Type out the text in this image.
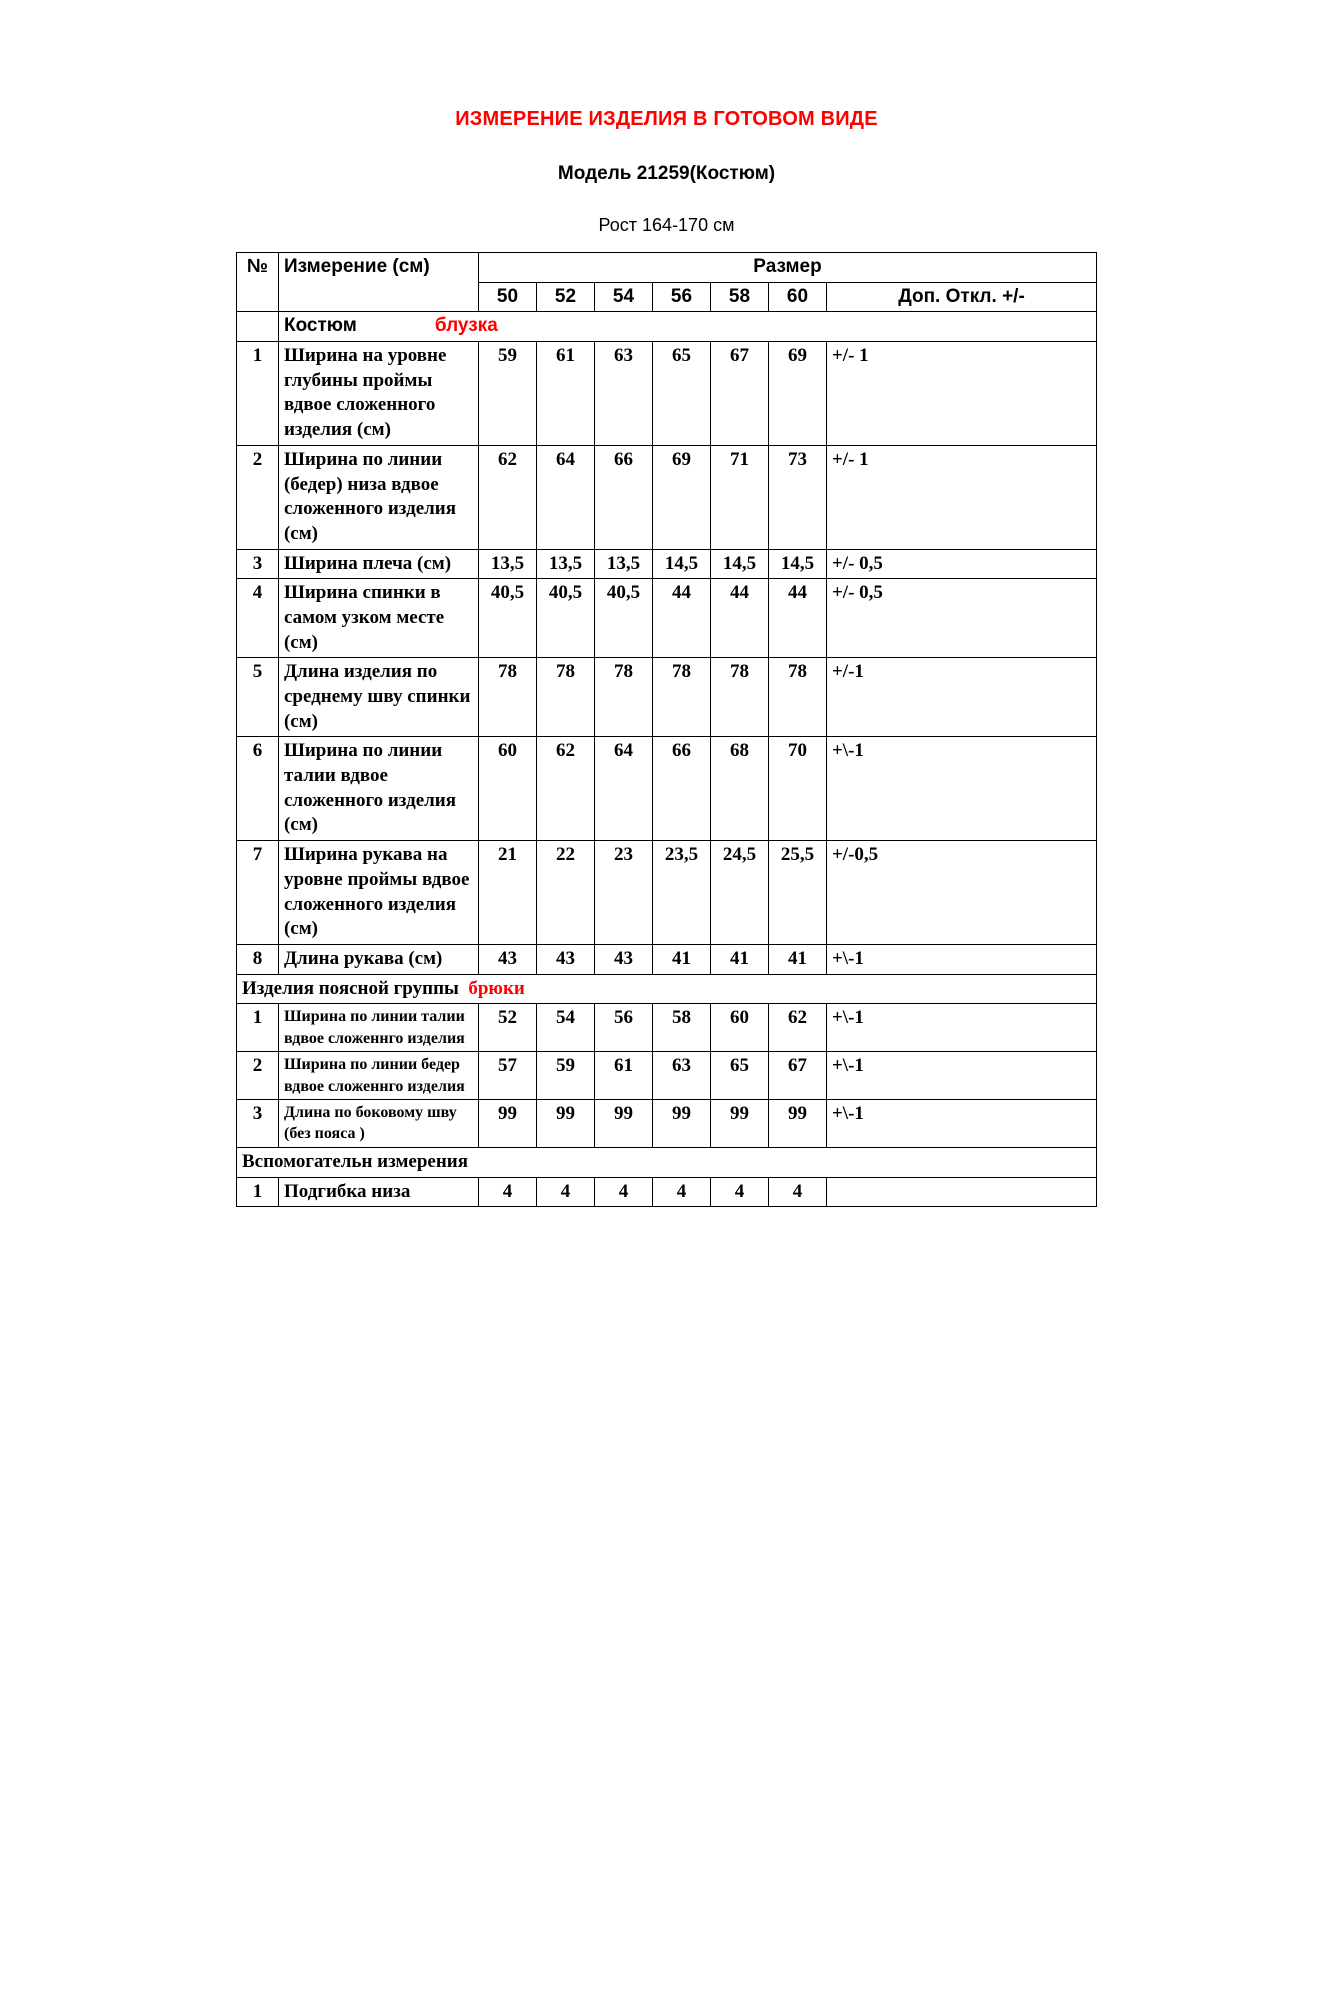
ИЗМЕРЕНИЕ ИЗДЕЛИЯ В ГОТОВОМ ВИДЕ
Модель 21259(Костюм)
Рост 164-170 см
№	Измерение (см)	Размер						
		50	52	54	56	58	60	Доп. Откл. +/-
	Костюм блузка							
1	Ширина на уровне глубины проймы вдвое сложенного изделия (см)	59	61	63	65	67	69	+/- 1
2	Ширина по линии (бедер) низа вдвое сложенного изделия (см)	62	64	66	69	71	73	+/- 1
3	Ширина плеча (см)	13,5	13,5	13,5	14,5	14,5	14,5	+/- 0,5
4	Ширина спинки в самом узком месте (см)	40,5	40,5	40,5	44	44	44	+/- 0,5
5	Длина изделия по среднему шву спинки (см)	78	78	78	78	78	78	+/-1
6	Ширина по линии талии вдвое сложенного изделия (см)	60	62	64	66	68	70	+\-1
7	Ширина рукава на уровне проймы вдвое сложенного изделия (см)	21	22	23	23,5	24,5	25,5	+/-0,5
8	Длина рукава (см)	43	43	43	41	41	41	+\-1
Изделия поясной группы брюки								
1	Ширина по линии талии вдвое сложеннго изделия	52	54	56	58	60	62	+\-1
2	Ширина по линии бедер вдвое сложеннго изделия	57	59	61	63	65	67	+\-1
3	Длина по боковому шву (без пояса )	99	99	99	99	99	99	+\-1
Вспомогательн измерения								
1	Подгибка низа	4	4	4	4	4	4	
